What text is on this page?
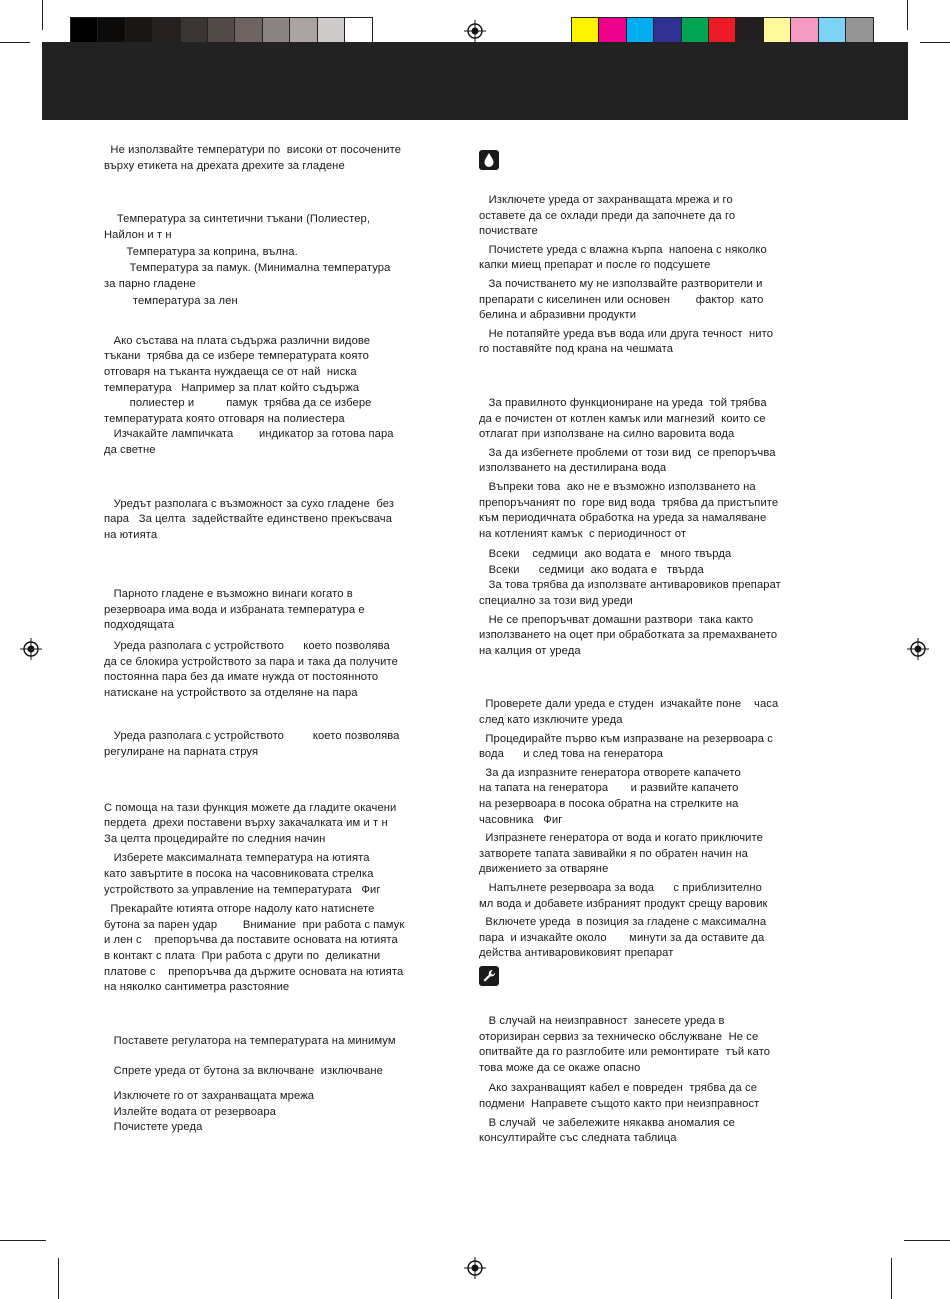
Не използвайте температури по  високи от посочените

върху етикета на дрехата дрехите за гладене

Температура за синтетични тъкани (Полиестер,

Найлон и т н

Температура за коприна, вълна.

Температура за памук. (Минимална температура

за парно гладене

температура за лен

Ако състава на плата съдържа различни видове

тъкани  трябва да се избере температурата която

отговаря на тъканта нуждаеща се от най  ниска

температура   Например за плат който съдържа

полиестер и          памук  трябва да се избере

температурата която отговаря на полиестера

Изчакайте лампичката        индикатор за готова пара

да светне

Уредът разполага с възможност за сухо гладене  без

пара   За целта  задействайте единствено прекъсвача

на ютията

Парното гладене е възможно винаги когато в

резервоара има вода и избраната температура е

подходящата

Уреда разполага с устройството      което позволява

да се блокира устройството за пара и така да получите

постоянна пара без да имате нужда от постоянното

натискане на устройството за отделяне на пара

Уреда разполага с устройството         което позволява

регулиране на парната струя

С помоща на тази функция можете да гладите окачени

пердета  дрехи поставени върху закачалката им и т н

За целта процедирайте по следния начин

Изберете максималната температура на ютията

като завъртите в посока на часовниковата стрелка

устройството за управление на температурата   Фиг

Прекарайте ютията отгоре надолу като натиснете

бутона за парен удар        Внимание  при работа с памук

и лен с    препоръчва да поставите основата на ютията

в контакт с плата  При работа с други по  деликатни

платове с    препоръчва да държите основата на ютията

на няколко сантиметра разстояние

Поставете регулатора на температурата на минимум

Спрете уреда от бутона за включване  изключване

Изключете го от захранващата мрежа

Излейте водата от резервоара

Почистете уреда

Изключете уреда от захранващата мрежа и го

оставете да се охлади преди да започнете да го

почиствате

Почистете уреда с влажна кърпа  напоена с няколко

капки миещ препарат и после го подсушете

За почистването му не използвайте разтворители и

препарати с киселинен или основен        фактор  като

белина и абразивни продукти

Не потапяйте уреда във вода или друга течност  нито

го поставяйте под крана на чешмата

За правилното функциониране на уреда  той трябва

да е почистен от котлен камък или магнезий  които се

отлагат при използване на силно варовита вода

За да избегнете проблеми от този вид  се препоръчва

използването на дестилирана вода

Въпреки това  ако не е възможно използването на

препоръчаният по  горе вид вода  трябва да пристъпите

към периодичната обработка на уреда за намаляване

на котленият камък  с периодичност от

Всеки    седмици  ако водата е   много твърда

Всеки      седмици  ако водата е   твърда

За това трябва да използвате антиваровиков препарат

специално за този вид уреди

Не се препоръчват домашни разтвори  така както

използването на оцет при обработката за премахването

на калция от уреда

Проверете дали уреда е студен  изчакайте поне    часа

след като изключите уреда

Процедирайте първо към изпразване на резервоара с

вода      и след това на генератора

За да изпразните генератора отворете капачето

на тапата на генератора       и развийте капачето

на резервоара в посока обратна на стрелките на

часовника   Фиг

Изпразнете генератора от вода и когато приключите

затворете тапата завивайки я по обратен начин на

движението за отваряне

Напълнете резервоара за вода      с приблизително

мл вода и добавете избраният продукт срещу варовик

Включете уреда  в позиция за гладене с максимална

пара  и изчакайте около       минути за да оставите да

действа антиваровиковият препарат

В случай на неизправност  занесете уреда в

оторизиран сервиз за техническо обслужване  Не се

опитвайте да го разглобите или ремонтирате  тъй като

това може да се окаже опасно

Ако захранващият кабел е повреден  трябва да се

подмени  Направете същото както при неизправност

В случай  че забележите някаква аномалия се

консултирайте със следната таблица
